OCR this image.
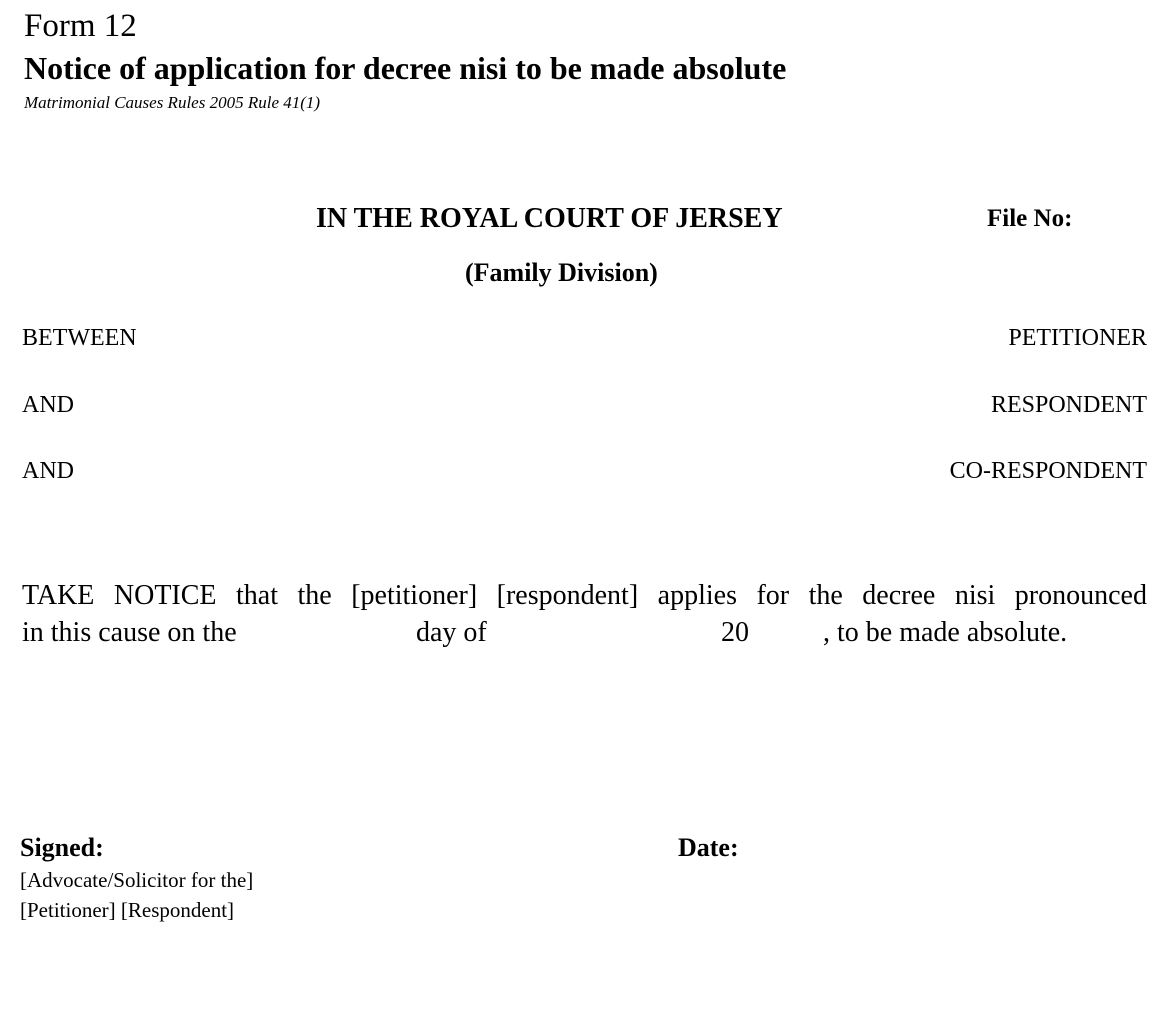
Form 12
Notice of application for decree nisi to be made absolute
Matrimonial Causes Rules 2005 Rule 41(1)
IN THE ROYAL COURT OF JERSEY	File No:
(Family Division)
BETWEEN	PETITIONER
AND	RESPONDENT
AND	CO-RESPONDENT
TAKE NOTICE that the [petitioner] [respondent] applies for the decree nisi pronounced
in this cause on the	day of	20	, to be made absolute.
Signed:	Date:
[Advocate/Solicitor for the]
[Petitioner] [Respondent]
